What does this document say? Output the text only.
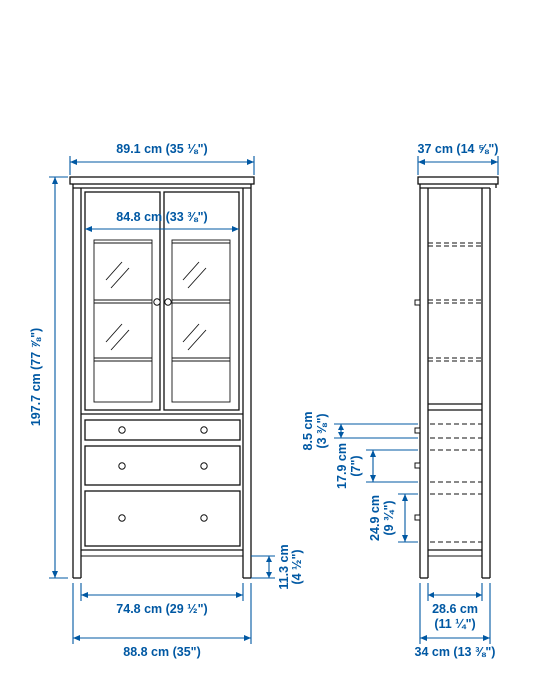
89.1 cm (35 ⅛")
84.8 cm (33 ⅜")
197.7 cm (77 ⅞")
11.3 cm (4 ½")
74.8 cm (29 ½")
88.8 cm (35")
37 cm (14 ⅝")
8.5 cm (3 ⅜")
17.9 cm (7")
24.9 cm (9 ¾")
28.6 cm
(11 ¼")
34 cm (13 ⅜")
